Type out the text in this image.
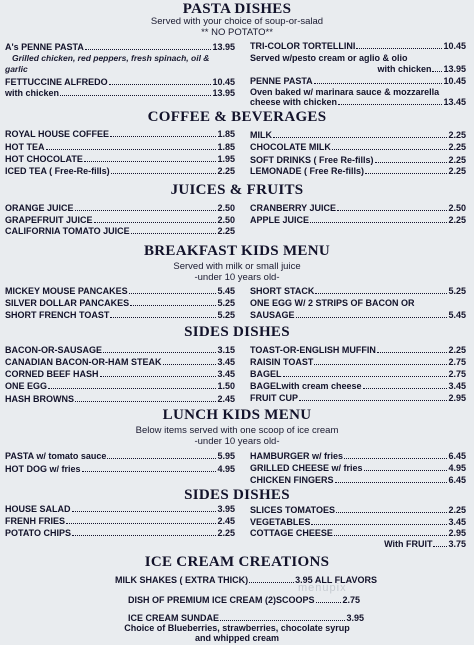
PASTA DISHES
Served with your choice of soup-or-salad
** NO POTATO**
A's PENNE PASTA	13.95
Grilled chicken, red peppers, fresh spinach, oil &
garlic
FETTUCCINE ALFREDO	10.45
with chicken	13.95
TRI-COLOR TORTELLINI	10.45
Served w/pesto cream or aglio & olio
with chicken 13.95
PENNE PASTA	10.45
Oven baked w/ marinara sauce & mozzarella
cheese with chicken	13.45
COFFEE & BEVERAGES
ROYAL HOUSE COFFEE	1.85
HOT TEA	1.85
HOT CHOCOLATE	1.95
ICED TEA ( Free-Re-fills)	2.25
MILK	2.25
CHOCOLATE MILK	2.25
SOFT DRINKS ( Free Re-fills)	2.25
LEMONADE ( Free Re-fills)	2.25
JUICES & FRUITS
ORANGE JUICE	2.50
GRAPEFRUIT JUICE	2.50
CALIFORNIA TOMATO JUICE	2.25
CRANBERRY JUICE	2.50
APPLE JUICE	2.25
BREAKFAST KIDS MENU
Served with milk or small juice
-under 10 years old-
MICKEY MOUSE PANCAKES	5.45
SILVER DOLLAR PANCAKES	5.25
SHORT FRENCH TOAST	5.25
SHORT STACK	5.25
ONE EGG W/ 2 STRIPS OF BACON OR
SAUSAGE	5.45
SIDES DISHES
BACON-OR-SAUSAGE	3.15
CANADIAN BACON-OR-HAM STEAK	3.45
CORNED BEEF HASH	3.45
ONE EGG	1.50
HASH BROWNS	2.45
TOAST-OR-ENGLISH MUFFIN	2.25
RAISIN TOAST	2.75
BAGEL	2.75
BAGELwith cream cheese	3.45
FRUIT CUP	2.95
LUNCH KIDS MENU
Below items served with one scoop of ice cream
-under 10 years old-
PASTA w/ tomato sauce	5.95
HOT DOG w/ fries	4.95
HAMBURGER w/ fries	6.45
GRILLED CHEESE w/ fries	4.95
CHICKEN FINGERS	6.45
SIDES DISHES
HOUSE SALAD	3.95
FRENH FRIES	2.45
POTATO CHIPS	2.25
SLICES TOMATOES	2.25
VEGETABLES	3.45
COTTAGE CHEESE	2.95
With FRUIT 3.75
ICE CREAM CREATIONS
menupix
MILK SHAKES ( EXTRA THICK)	3.95 ALL FLAVORS
DISH OF PREMIUM ICE CREAM (2)SCOOPS	2.75
ICE CREAM SUNDAE	3.95
Choice of Blueberries, strawberries, chocolate syrup
and whipped cream
